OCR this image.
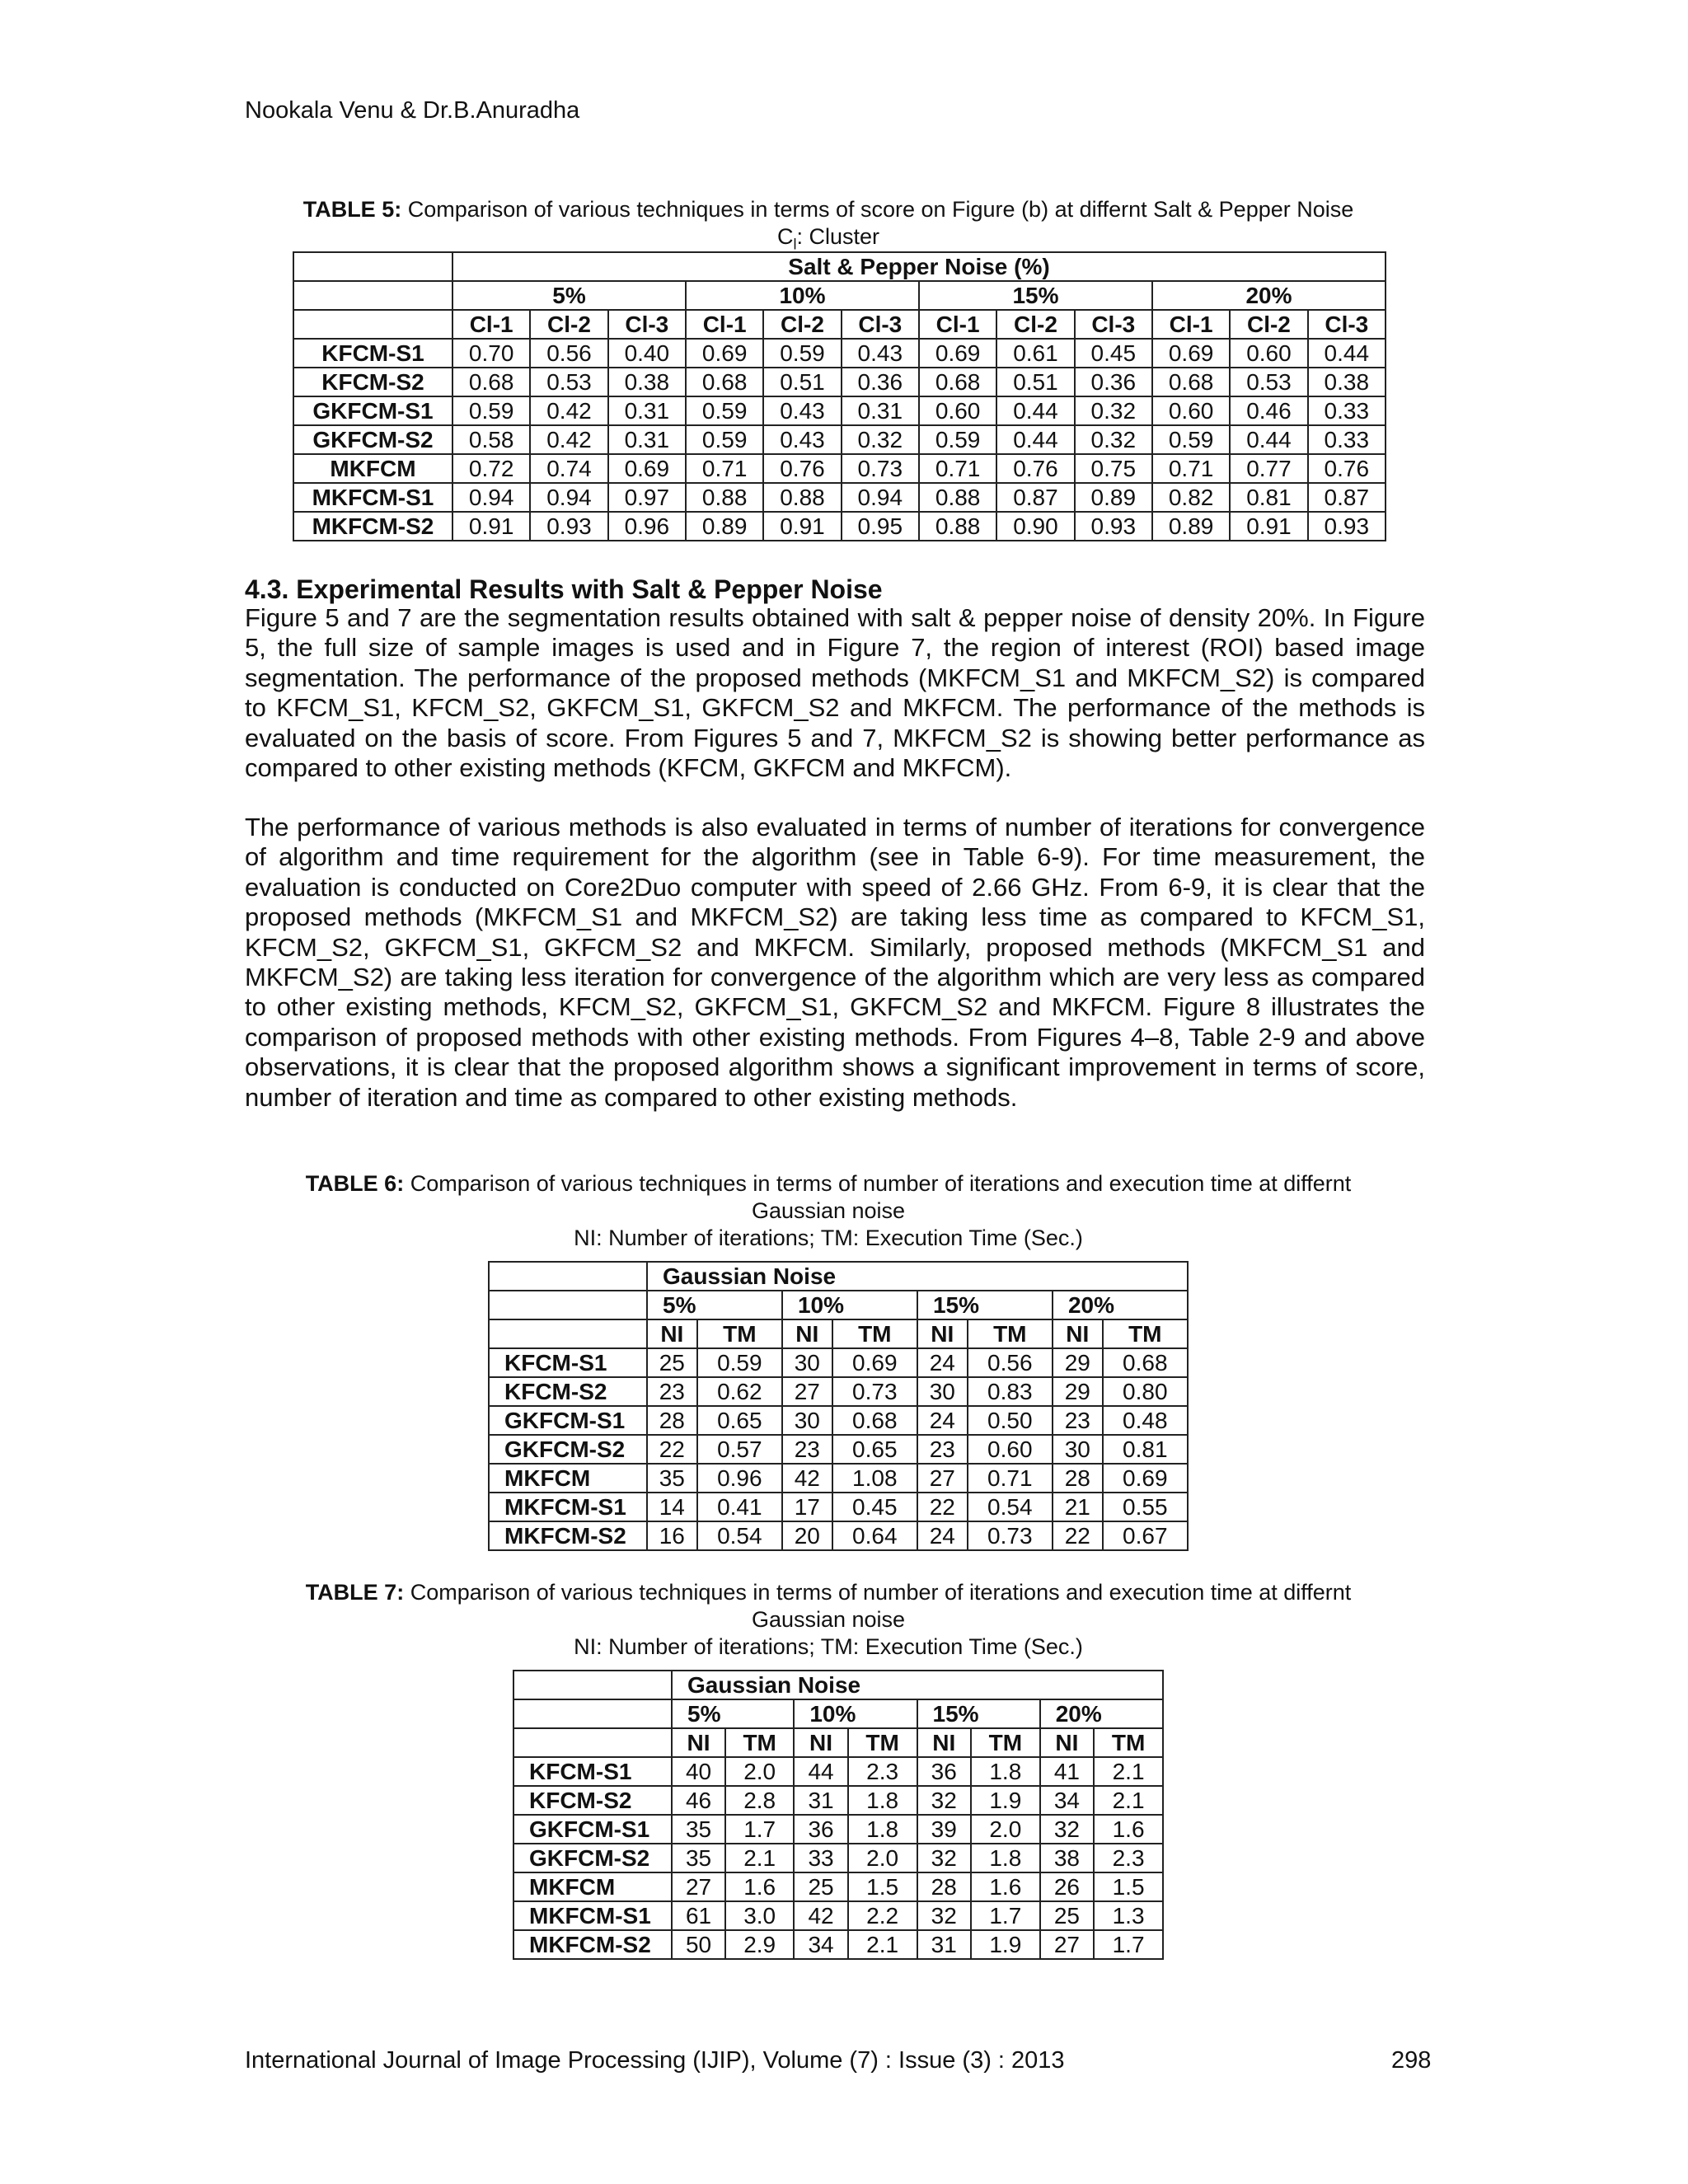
Nookala Venu & Dr.B.Anuradha
TABLE 5: Comparison of various techniques in terms of score on Figure (b) at differnt Salt & Pepper Noise
$C_l$: Cluster
	Salt & Pepper Noise (%)											
	5%			10%			15%			20%		
	Cl-1	Cl-2	Cl-3	Cl-1	Cl-2	Cl-3	Cl-1	Cl-2	Cl-3	Cl-1	Cl-2	Cl-3
KFCM-S1	0.70	0.56	0.40	0.69	0.59	0.43	0.69	0.61	0.45	0.69	0.60	0.44
KFCM-S2	0.68	0.53	0.38	0.68	0.51	0.36	0.68	0.51	0.36	0.68	0.53	0.38
GKFCM-S1	0.59	0.42	0.31	0.59	0.43	0.31	0.60	0.44	0.32	0.60	0.46	0.33
GKFCM-S2	0.58	0.42	0.31	0.59	0.43	0.32	0.59	0.44	0.32	0.59	0.44	0.33
MKFCM	0.72	0.74	0.69	0.71	0.76	0.73	0.71	0.76	0.75	0.71	0.77	0.76
MKFCM-S1	0.94	0.94	0.97	0.88	0.88	0.94	0.88	0.87	0.89	0.82	0.81	0.87
MKFCM-S2	0.91	0.93	0.96	0.89	0.91	0.95	0.88	0.90	0.93	0.89	0.91	0.93
4.3. Experimental Results with Salt & Pepper Noise
Figure 5 and 7 are the segmentation results obtained with salt & pepper noise of density 20%. In Figure 5, the full size of sample images is used and in Figure 7, the region of interest (ROI) based image segmentation. The performance of the proposed methods (MKFCM_S1 and MKFCM_S2) is compared to KFCM_S1, KFCM_S2, GKFCM_S1, GKFCM_S2 and MKFCM. The performance of the methods is evaluated on the basis of score. From Figures 5 and 7, MKFCM_S2 is showing better performance as compared to other existing methods (KFCM, GKFCM and MKFCM).
The performance of various methods is also evaluated in terms of number of iterations for convergence of algorithm and time requirement for the algorithm (see in Table 6-9). For time measurement, the evaluation is conducted on Core2Duo computer with speed of 2.66 GHz. From 6-9, it is clear that the proposed methods (MKFCM_S1 and MKFCM_S2) are taking less time as compared to KFCM_S1, KFCM_S2, GKFCM_S1, GKFCM_S2 and MKFCM. Similarly, proposed methods (MKFCM_S1 and MKFCM_S2) are taking less iteration for convergence of the algorithm which are very less as compared to other existing methods, KFCM_S2, GKFCM_S1, GKFCM_S2 and MKFCM. Figure 8 illustrates the comparison of proposed methods with other existing methods. From Figures 4–8, Table 2-9 and above observations, it is clear that the proposed algorithm shows a significant improvement in terms of score, number of iteration and time as compared to other existing methods.
TABLE 6: Comparison of various techniques in terms of number of iterations and execution time at differnt
Gaussian noise
NI: Number of iterations; TM: Execution Time (Sec.)
	Gaussian Noise							
	5%		10%		15%		20%	
	NI	TM	NI	TM	NI	TM	NI	TM
KFCM-S1	25	0.59	30	0.69	24	0.56	29	0.68
KFCM-S2	23	0.62	27	0.73	30	0.83	29	0.80
GKFCM-S1	28	0.65	30	0.68	24	0.50	23	0.48
GKFCM-S2	22	0.57	23	0.65	23	0.60	30	0.81
MKFCM	35	0.96	42	1.08	27	0.71	28	0.69
MKFCM-S1	14	0.41	17	0.45	22	0.54	21	0.55
MKFCM-S2	16	0.54	20	0.64	24	0.73	22	0.67
TABLE 7: Comparison of various techniques in terms of number of iterations and execution time at differnt
Gaussian noise
NI: Number of iterations; TM: Execution Time (Sec.)
	Gaussian Noise							
	5%		10%		15%		20%	
	NI	TM	NI	TM	NI	TM	NI	TM
KFCM-S1	40	2.0	44	2.3	36	1.8	41	2.1
KFCM-S2	46	2.8	31	1.8	32	1.9	34	2.1
GKFCM-S1	35	1.7	36	1.8	39	2.0	32	1.6
GKFCM-S2	35	2.1	33	2.0	32	1.8	38	2.3
MKFCM	27	1.6	25	1.5	28	1.6	26	1.5
MKFCM-S1	61	3.0	42	2.2	32	1.7	25	1.3
MKFCM-S2	50	2.9	34	2.1	31	1.9	27	1.7
International Journal of Image Processing (IJIP), Volume (7) : Issue (3) : 2013	298
